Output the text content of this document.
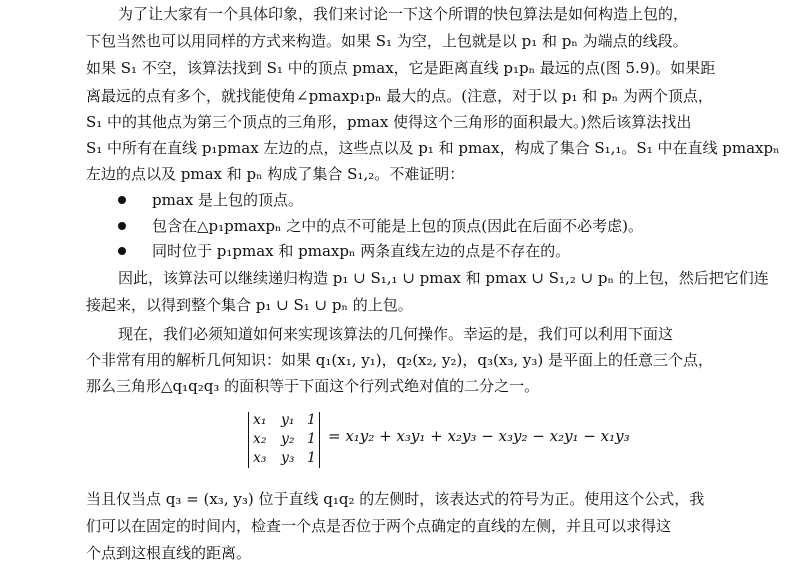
为了让大家有一个具体印象，我们来讨论一下这个所谓的快包算法是如何构造上包的，
下包当然也可以用同样的方式来构造。如果 S₁ 为空，上包就是以 p₁ 和 pₙ 为端点的线段。
如果 S₁ 不空，该算法找到 S₁ 中的顶点 pmax，它是距离直线 p₁pₙ 最远的点(图 5.9)。如果距
离最远的点有多个，就找能使角∠pmaxp₁pₙ 最大的点。(注意，对于以 p₁ 和 pₙ 为两个顶点，
S₁ 中的其他点为第三个顶点的三角形，pmax 使得这个三角形的面积最大。)然后该算法找出
S₁ 中所有在直线 p₁pmax 左边的点，这些点以及 p₁ 和 pmax，构成了集合 S₁,₁。S₁ 中在直线 pmaxpₙ
左边的点以及 pmax 和 pₙ 构成了集合 S₁,₂。不难证明：
pmax 是上包的顶点。
包含在△p₁pmaxpₙ 之中的点不可能是上包的顶点(因此在后面不必考虑)。
同时位于 p₁pmax 和 pmaxpₙ 两条直线左边的点是不存在的。
因此，该算法可以继续递归构造 p₁ ∪ S₁,₁ ∪ pmax 和 pmax ∪ S₁,₂ ∪ pₙ 的上包，然后把它们连
接起来，以得到整个集合 p₁ ∪ S₁ ∪ pₙ 的上包。
现在，我们必须知道如何来实现该算法的几何操作。幸运的是，我们可以利用下面这
个非常有用的解析几何知识：如果 q₁(x₁, y₁)，q₂(x₂, y₂)，q₃(x₃, y₃) 是平面上的任意三个点，
那么三角形△q₁q₂q₃ 的面积等于下面这个行列式绝对值的二分之一。
x₁ y₁ 1
x₂ y₂ 1
x₃ y₃ 1
= x₁y₂ + x₃y₁ + x₂y₃ − x₃y₂ − x₂y₁ − x₁y₃
当且仅当点 q₃ = (x₃, y₃) 位于直线 q₁q₂ 的左侧时，该表达式的符号为正。使用这个公式，我
们可以在固定的时间内，检查一个点是否位于两个点确定的直线的左侧，并且可以求得这
个点到这根直线的距离。
